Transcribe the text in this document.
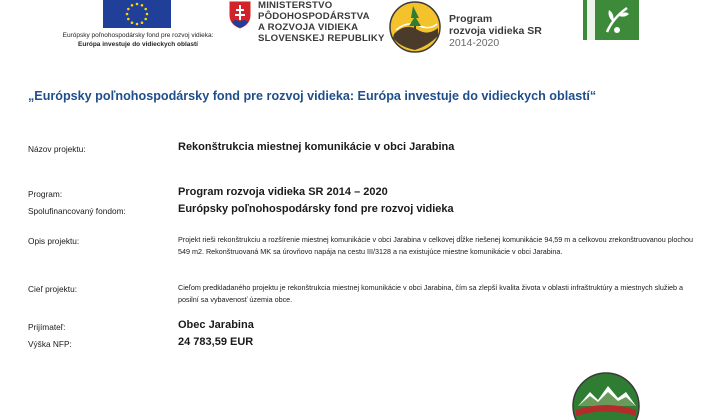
Európsky poľnohospodársky fond pre rozvoj vidieka:
Európa investuje do vidieckych oblastí
MINISTERSTVO
PÔDOHOSPODÁRSTVA
A ROZVOJA VIDIEKA
SLOVENSKEJ REPUBLIKY
Program
rozvoja vidieka SR
2014-2020
„Európsky poľnohospodársky fond pre rozvoj vidieka: Európa investuje do vidieckych oblastí“
Názov projektu:	Rekonštrukcia miestnej komunikácie v obci Jarabina
Program:	Program rozvoja vidieka SR 2014 – 2020
Spolufinancovaný fondom:	Európsky poľnohospodársky fond pre rozvoj vidieka
Opis projektu:	Projekt rieši rekonštrukciu a rozšírenie miestnej komunikácie v obci Jarabina v celkovej dĺžke riešenej komunikácie 94,59 m a celkovou zrekonštruovanou plochou 549 m2. Rekonštruovaná MK sa úrovňovo napája na cestu III/3128 a na existujúce miestne komunikácie v obci Jarabina.
Cieľ projektu:	Cieľom predkladaného projektu je rekonštrukcia miestnej komunikácie v obci Jarabina, čím sa zlepší kvalita života v oblasti infraštruktúry a miestnych služieb a posilní sa vybavenosť územia obce.
Prijímateľ:	Obec Jarabina
Výška NFP:	24 783,59 EUR
